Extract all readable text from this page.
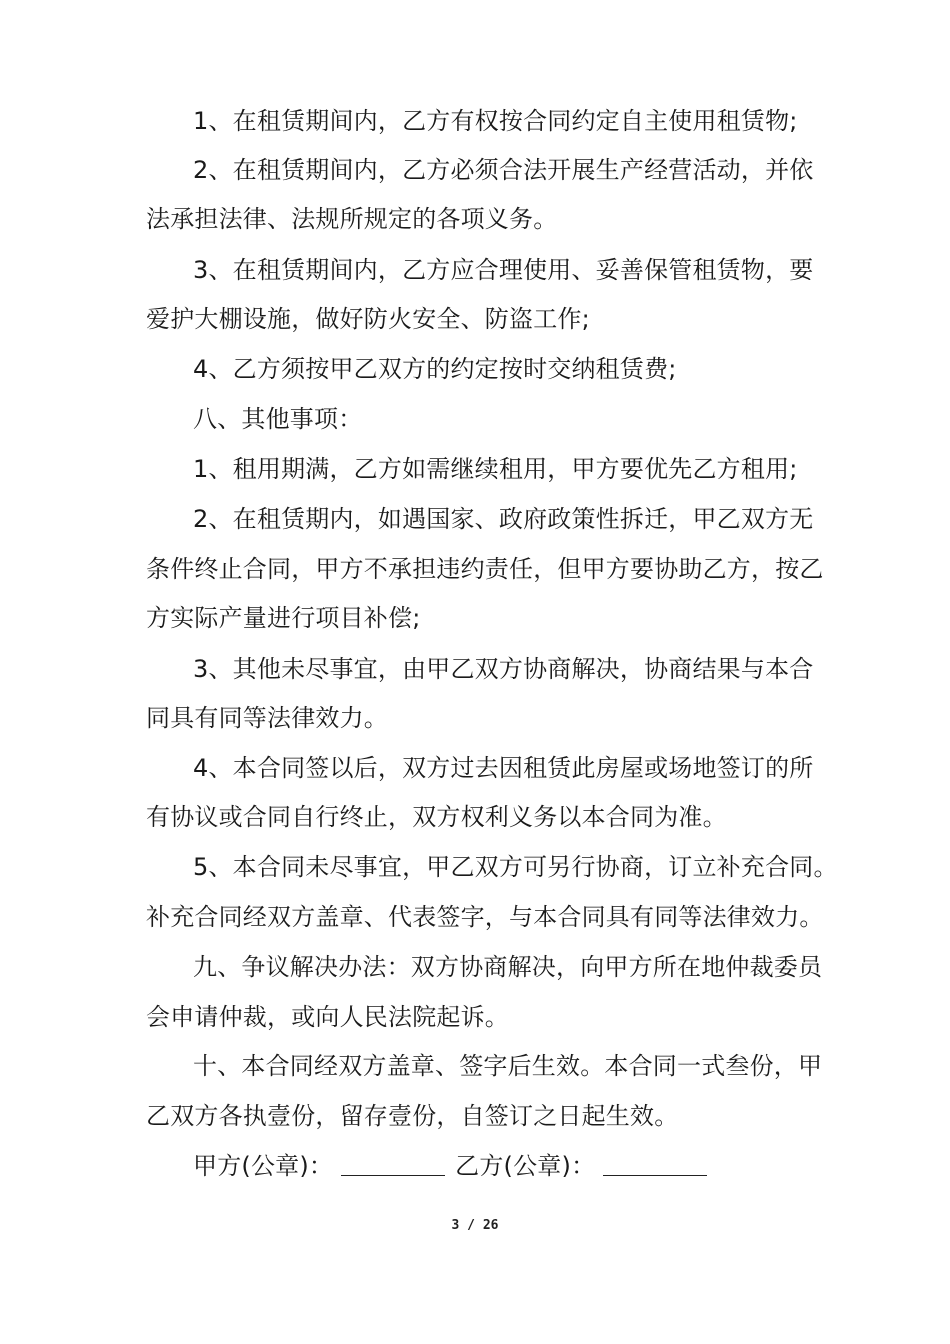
1、在租赁期间内，乙方有权按合同约定自主使用租赁物;
2、在租赁期间内，乙方必须合法开展生产经营活动，并依
法承担法律、法规所规定的各项义务。
3、在租赁期间内，乙方应合理使用、妥善保管租赁物，要
爱护大棚设施，做好防火安全、防盗工作;
4、乙方须按甲乙双方的约定按时交纳租赁费;
八、其他事项：
1、租用期满，乙方如需继续租用，甲方要优先乙方租用;
2、在租赁期内，如遇国家、政府政策性拆迁，甲乙双方无
条件终止合同，甲方不承担违约责任，但甲方要协助乙方，按乙
方实际产量进行项目补偿;
3、其他未尽事宜，由甲乙双方协商解决，协商结果与本合
同具有同等法律效力。
4、本合同签以后，双方过去因租赁此房屋或场地签订的所
有协议或合同自行终止，双方权利义务以本合同为准。
5、本合同未尽事宜，甲乙双方可另行协商，订立补充合同。
补充合同经双方盖章、代表签字，与本合同具有同等法律效力。
九、争议解决办法：双方协商解决，向甲方所在地仲裁委员
会申请仲裁，或向人民法院起诉。
十、本合同经双方盖章、签字后生效。本合同一式叁份，甲
乙双方各执壹份，留存壹份，自签订之日起生效。
甲方(公章)：	乙方(公章)：
3 / 26
